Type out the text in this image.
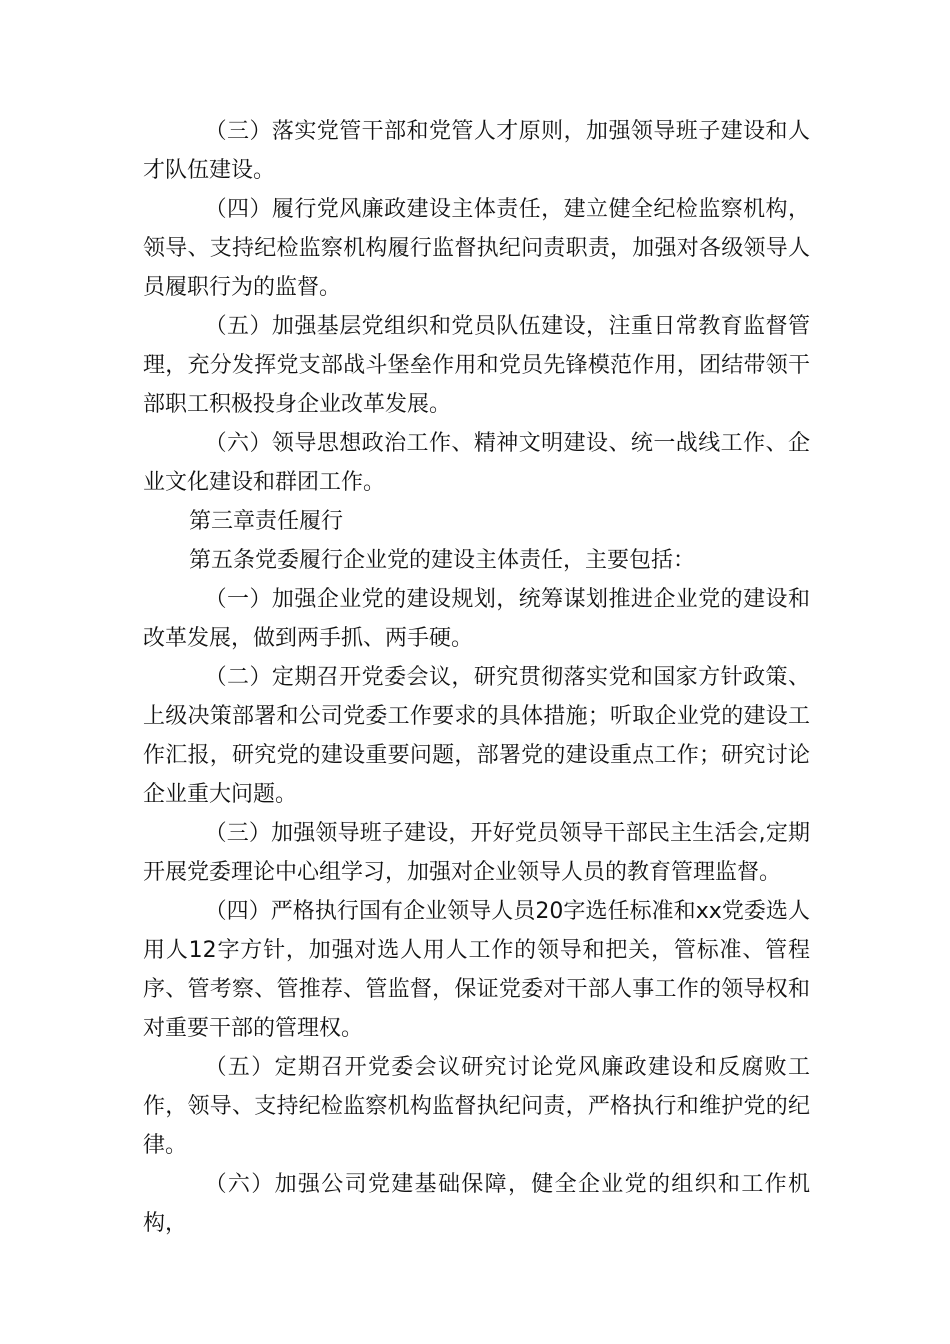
（三）落实党管干部和党管人才原则，加强领导班子建设和人才队伍建设。

（四）履行党风廉政建设主体责任，建立健全纪检监察机构，领导、支持纪检监察机构履行监督执纪问责职责，加强对各级领导人员履职行为的监督。

（五）加强基层党组织和党员队伍建设，注重日常教育监督管理，充分发挥党支部战斗堡垒作用和党员先锋模范作用，团结带领干部职工积极投身企业改革发展。

（六）领导思想政治工作、精神文明建设、统一战线工作、企业文化建设和群团工作。

第三章责任履行

第五条党委履行企业党的建设主体责任，主要包括：

（一）加强企业党的建设规划，统筹谋划推进企业党的建设和改革发展，做到两手抓、两手硬。

（二）定期召开党委会议，研究贯彻落实党和国家方针政策、上级决策部署和公司党委工作要求的具体措施；听取企业党的建设工作汇报，研究党的建设重要问题，部署党的建设重点工作；研究讨论企业重大问题。

（三）加强领导班子建设，开好党员领导干部民主生活会,定期开展党委理论中心组学习，加强对企业领导人员的教育管理监督。

（四）严格执行国有企业领导人员20字选任标准和xx党委选人用人12字方针，加强对选人用人工作的领导和把关，管标准、管程序、管考察、管推荐、管监督，保证党委对干部人事工作的领导权和对重要干部的管理权。

（五）定期召开党委会议研究讨论党风廉政建设和反腐败工作，领导、支持纪检监察机构监督执纪问责，严格执行和维护党的纪律。

（六）加强公司党建基础保障，健全企业党的组织和工作机构，
